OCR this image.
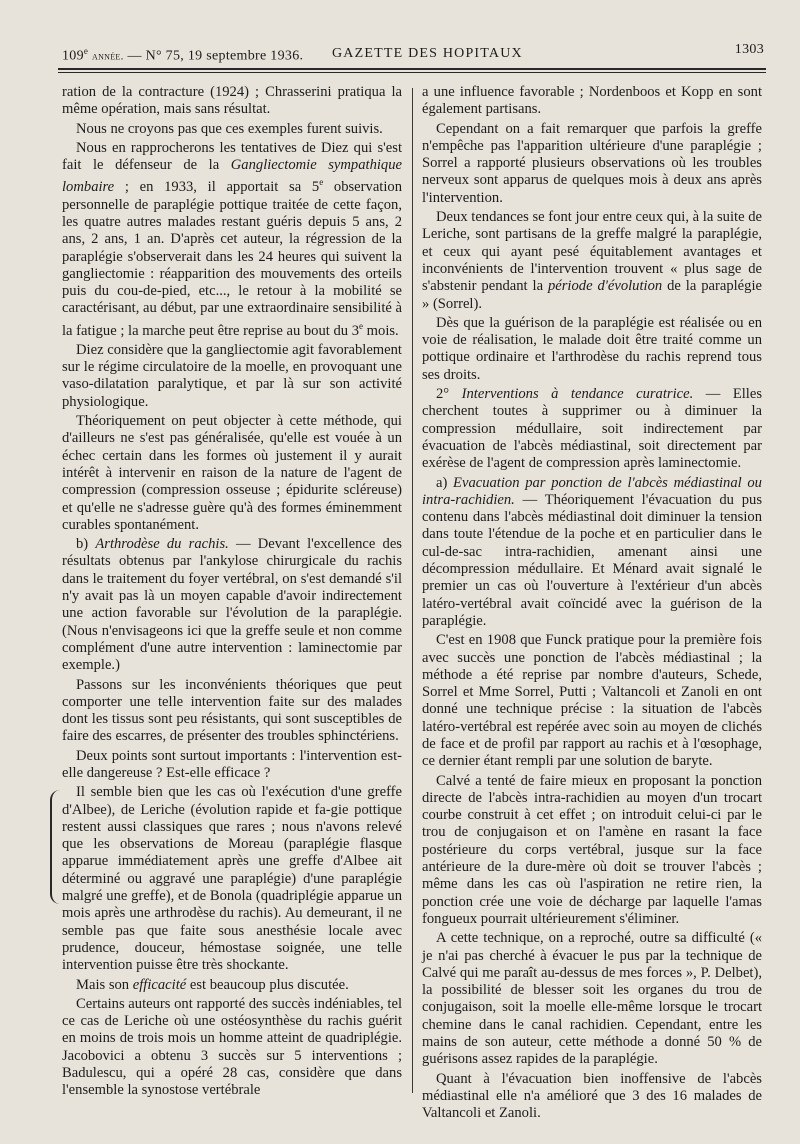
109e année. — N° 75, 19 septembre 1936. GAZETTE DES HOPITAUX	1303

ration de la contracture (1924) ; Chrasserini pratiqua la même opération, mais sans résultat.

Nous ne croyons pas que ces exemples furent suivis.

Nous en rapprocherons les tentatives de Diez qui s'est fait le défenseur de la Gangliectomie sympathique lombaire ; en 1933, il apportait sa 5e observation personnelle de paraplégie pottique traitée de cette façon, les quatre autres malades restant guéris depuis 5 ans, 2 ans, 2 ans, 1 an. D'après cet auteur, la régression de la paraplégie s'observerait dans les 24 heures qui suivent la gangliectomie : réapparition des mouvements des orteils puis du cou-de-pied, etc..., le retour à la mobilité se caractérisant, au début, par une extraordinaire sensibilité à la fatigue ; la marche peut être reprise au bout du 3e mois.

Diez considère que la gangliectomie agit favorablement sur le régime circulatoire de la moelle, en provoquant une vaso-dilatation paralytique, et par là sur son activité physiologique.

Théoriquement on peut objecter à cette méthode, qui d'ailleurs ne s'est pas généralisée, qu'elle est vouée à un échec certain dans les formes où justement il y aurait intérêt à intervenir en raison de la nature de l'agent de compression (compression osseuse ; épidurite scléreuse) et qu'elle ne s'adresse guère qu'à des formes éminemment curables spontanément.

b) Arthrodèse du rachis. — Devant l'excellence des résultats obtenus par l'ankylose chirurgicale du rachis dans le traitement du foyer vertébral, on s'est demandé s'il n'y avait pas là un moyen capable d'avoir indirectement une action favorable sur l'évolution de la paraplégie. (Nous n'envisageons ici que la greffe seule et non comme complément d'une autre intervention : laminectomie par exemple.)

Passons sur les inconvénients théoriques que peut comporter une telle intervention faite sur des malades dont les tissus sont peu résistants, qui sont susceptibles de faire des escarres, de présenter des troubles sphinctériens.

Deux points sont surtout importants : l'intervention est-elle dangereuse ? Est-elle efficace ?

Il semble bien que les cas où l'exécution d'une greffe d'Albee), de Leriche (évolution rapide et fa-gie pottique restent aussi classiques que rares ; nous n'avons relevé que les observations de Moreau (paraplégie flasque apparue immédiatement après une greffe d'Albee ait déterminé ou aggravé une paraplégie) d'une paraplégie malgré une greffe), et de Bonola (quadriplégie apparue un mois après une arthrodèse du rachis). Au demeurant, il ne semble pas que faite sous anesthésie locale avec prudence, douceur, hémostase soignée, une telle intervention puisse être très shockante.

Mais son efficacité est beaucoup plus discutée.

Certains auteurs ont rapporté des succès indéniables, tel ce cas de Leriche où une ostéosynthèse du rachis guérit en moins de trois mois un homme atteint de quadriplégie. Jacobovici a obtenu 3 succès sur 5 interventions ; Badulescu, qui a opéré 28 cas, considère que dans l'ensemble la synostose vertébrale

a une influence favorable ; Nordenboos et Kopp en sont également partisans.

Cependant on a fait remarquer que parfois la greffe n'empêche pas l'apparition ultérieure d'une paraplégie ; Sorrel a rapporté plusieurs observations où les troubles nerveux sont apparus de quelques mois à deux ans après l'intervention.

Deux tendances se font jour entre ceux qui, à la suite de Leriche, sont partisans de la greffe malgré la paraplégie, et ceux qui ayant pesé équitablement avantages et inconvénients de l'intervention trouvent « plus sage de s'abstenir pendant la période d'évolution de la paraplégie » (Sorrel).

Dès que la guérison de la paraplégie est réalisée ou en voie de réalisation, le malade doit être traité comme un pottique ordinaire et l'arthrodèse du rachis reprend tous ses droits.

2° Interventions à tendance curatrice. — Elles cherchent toutes à supprimer ou à diminuer la compression médullaire, soit indirectement par évacuation de l'abcès médiastinal, soit directement par exérèse de l'agent de compression après laminectomie.

a) Evacuation par ponction de l'abcès médiastinal ou intra-rachidien. — Théoriquement l'évacuation du pus contenu dans l'abcès médiastinal doit diminuer la tension dans toute l'étendue de la poche et en particulier dans le cul-de-sac intra-rachidien, amenant ainsi une décompression médullaire. Et Ménard avait signalé le premier un cas où l'ouverture à l'extérieur d'un abcès latéro-vertébral avait coïncidé avec la guérison de la paraplégie.

C'est en 1908 que Funck pratique pour la première fois avec succès une ponction de l'abcès médiastinal ; la méthode a été reprise par nombre d'auteurs, Schede, Sorrel et Mme Sorrel, Putti ; Valtancoli et Zanoli en ont donné une technique précise : la situation de l'abcès latéro-vertébral est repérée avec soin au moyen de clichés de face et de profil par rapport au rachis et à l'œsophage, ce dernier étant rempli par une solution de baryte.

Calvé a tenté de faire mieux en proposant la ponction directe de l'abcès intra-rachidien au moyen d'un trocart courbe construit à cet effet ; on introduit celui-ci par le trou de conjugaison et on l'amène en rasant la face postérieure du corps vertébral, jusque sur la face antérieure de la dure-mère où doit se trouver l'abcès ; même dans les cas où l'aspiration ne retire rien, la ponction crée une voie de décharge par laquelle l'amas fongueux pourrait ultérieurement s'éliminer.

A cette technique, on a reproché, outre sa difficulté (« je n'ai pas cherché à évacuer le pus par la technique de Calvé qui me paraît au-dessus de mes forces », P. Delbet), la possibilité de blesser soit les organes du trou de conjugaison, soit la moelle elle-même lorsque le trocart chemine dans le canal rachidien. Cependant, entre les mains de son auteur, cette méthode a donné 50 % de guérisons assez rapides de la paraplégie.

Quant à l'évacuation bien inoffensive de l'abcès médiastinal elle n'a amélioré que 3 des 16 malades de Valtancoli et Zanoli.
